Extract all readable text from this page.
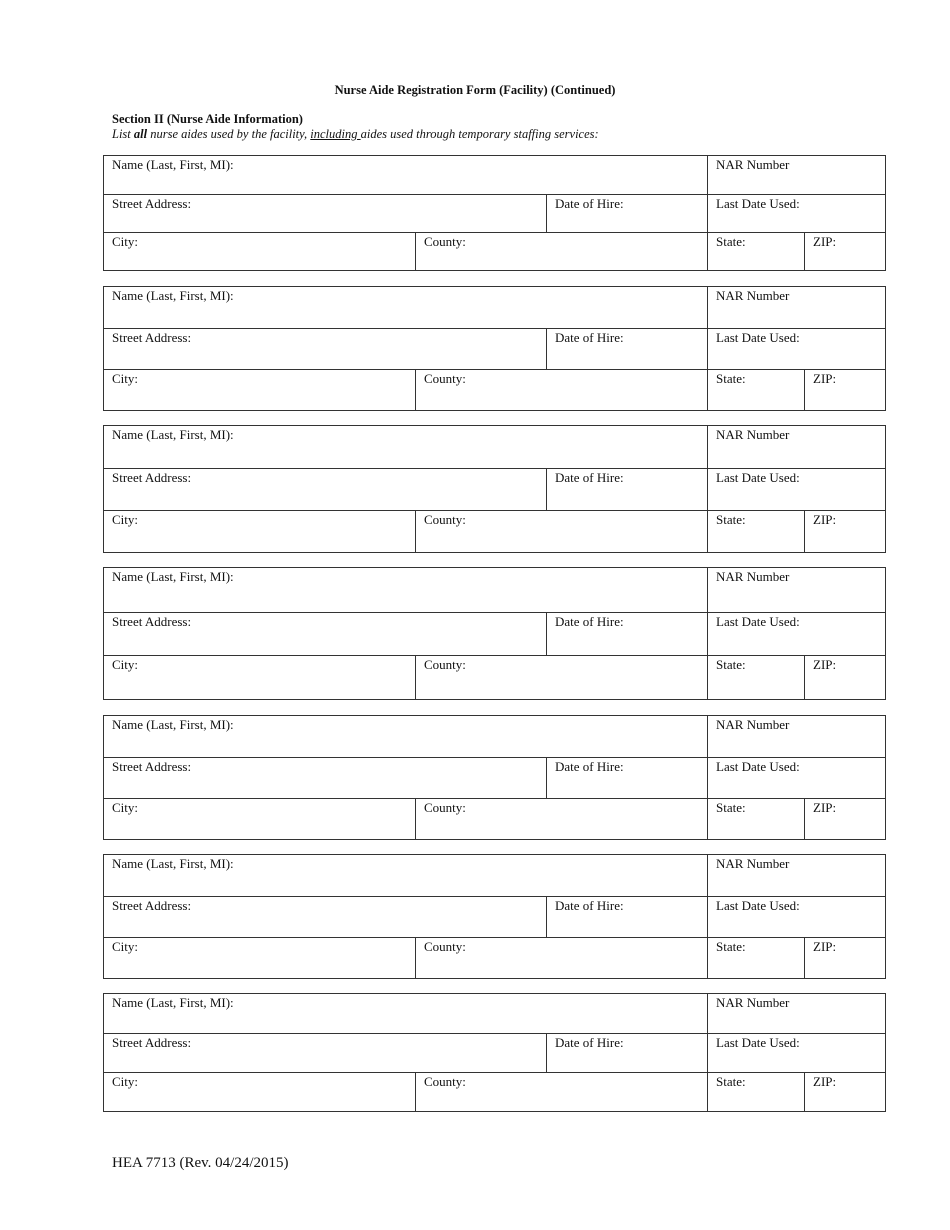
Nurse Aide Registration Form (Facility) (Continued)
Section II (Nurse Aide Information)
List all nurse aides used by the facility, including aides used through temporary staffing services:
Name (Last, First, MI):	NAR Number
Street Address:	Date of Hire:	Last Date Used:
City:	County:	State:	ZIP:
Name (Last, First, MI):	NAR Number
Street Address:	Date of Hire:	Last Date Used:
City:	County:	State:	ZIP:
Name (Last, First, MI):	NAR Number
Street Address:	Date of Hire:	Last Date Used:
City:	County:	State:	ZIP:
Name (Last, First, MI):	NAR Number
Street Address:	Date of Hire:	Last Date Used:
City:	County:	State:	ZIP:
Name (Last, First, MI):	NAR Number
Street Address:	Date of Hire:	Last Date Used:
City:	County:	State:	ZIP:
Name (Last, First, MI):	NAR Number
Street Address:	Date of Hire:	Last Date Used:
City:	County:	State:	ZIP:
Name (Last, First, MI):	NAR Number
Street Address:	Date of Hire:	Last Date Used:
City:	County:	State:	ZIP:
HEA 7713 (Rev. 04/24/2015)
